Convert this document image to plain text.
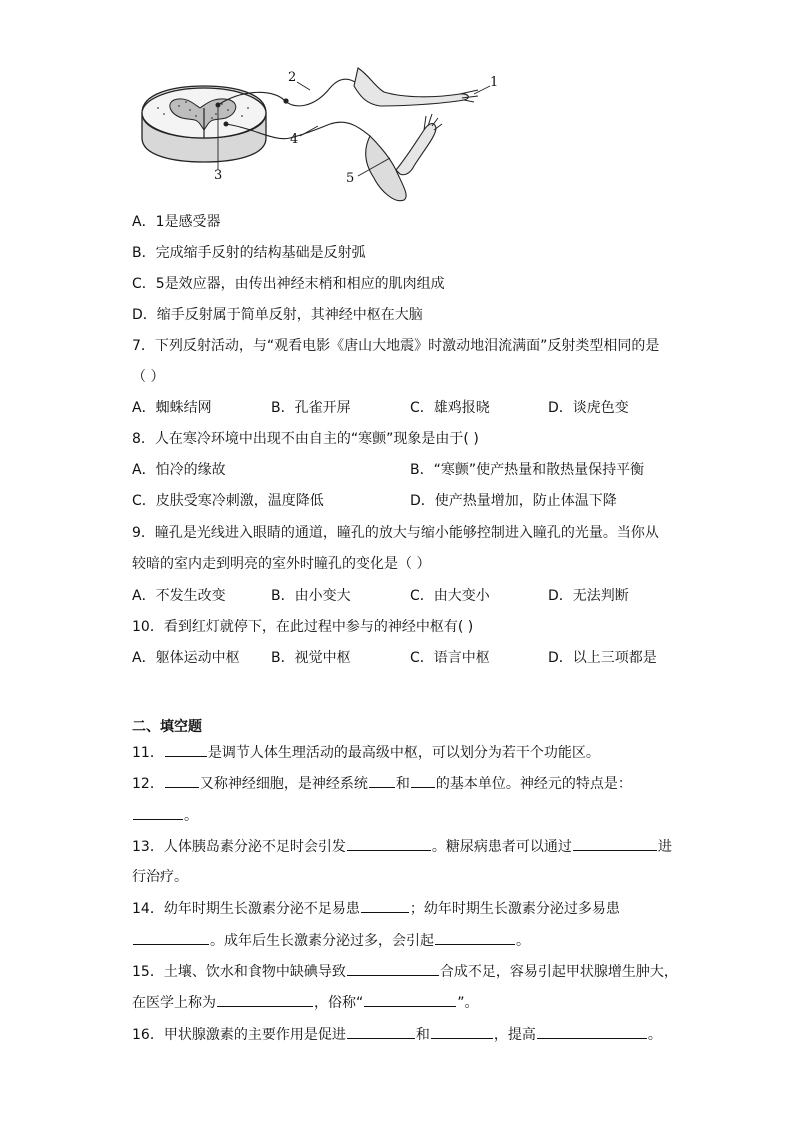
1
2
3
4
5
A．1是感受器
B．完成缩手反射的结构基础是反射弧
C．5是效应器，由传出神经末梢和相应的肌肉组成
D．缩手反射属于简单反射，其神经中枢在大脑
7．下列反射活动，与“观看电影《唐山大地震》时激动地泪流满面”反射类型相同的是
（ ）
A．蜘蛛结网	B．孔雀开屏	C．雄鸡报晓	D．谈虎色变
8．人在寒冷环境中出现不由自主的“寒颤”现象是由于( )
A．怕冷的缘故	B．“寒颤”使产热量和散热量保持平衡
C．皮肤受寒冷刺激，温度降低	D．使产热量增加，防止体温下降
9．瞳孔是光线进入眼睛的通道，瞳孔的放大与缩小能够控制进入瞳孔的光量。当你从
较暗的室内走到明亮的室外时瞳孔的变化是（ ）
A．不发生改变	B．由小变大	C．由大变小	D．无法判断
10．看到红灯就停下，在此过程中参与的神经中枢有( )
A．躯体运动中枢 B．视觉中枢	C．语言中枢	D．以上三项都是
二、填空题
11．	是调节人体生理活动的最高级中枢，可以划分为若干个功能区。
12．	又称神经细胞，是神经系统 和 的基本单位。神经元的特点是：
。
13．人体胰岛素分泌不足时会引发	。糖尿病患者可以通过	进
行治疗。
14．幼年时期生长激素分泌不足易患	；幼年时期生长激素分泌过多易患
。成年后生长激素分泌过多，会引起	。
15．土壤、饮水和食物中缺碘导致	合成不足，容易引起甲状腺增生肿大，
在医学上称为	，俗称“	”。
16．甲状腺激素的主要作用是促进	和	，提高	。
